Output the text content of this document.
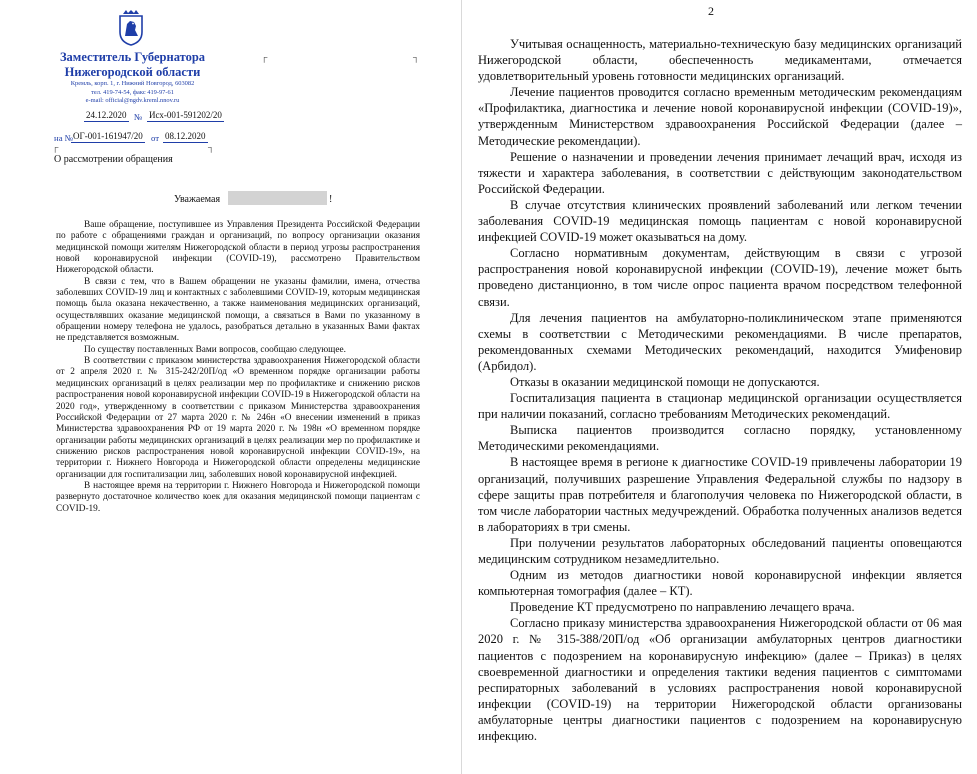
Заместитель Губернатора
Нижегородской области
Кремль, корп. 1, г. Нижний Новгород, 603082
тел. 419-74-54, факс 419-97-61
e-mail: official@ngdv.kreml.nnov.ru
24.12.2020 № Исх-001-591202/20
на № ОГ-001-161947/20 от 08.12.2020
┌	┐
┌	┐
О рассмотрении обращения
Уважаемая	!

Ваше обращение, поступившее из Управления Президента Российской Федерации по работе с обращениями граждан и организаций, по вопросу организации оказания медицинской помощи жителям Нижегородской области в период угрозы распространения новой коронавирусной инфекции (COVID-19), рассмотрено Правительством Нижегородской области.

В связи с тем, что в Вашем обращении не указаны фамилии, имена, отчества заболевших COVID-19 лиц и контактных с заболевшими COVID-19, которым медицинская помощь была оказана некачественно, а также наименования медицинских организаций, осуществлявших оказание медицинской помощи, а связаться в Вами по указанному в обращении номеру телефона не удалось, разобраться детально в указанных Вами фактах не представляется возможным.

По существу поставленных Вами вопросов, сообщаю следующее.

В соответствии с приказом министерства здравоохранения Нижегородской области от 2 апреля 2020 г. № 315-242/20П/од «О временном порядке организации работы медицинских организаций в целях реализации мер по профилактике и снижению рисков распространения новой коронавирусной инфекции COVID-19 в Нижегородской области на 2020 год», утвержденному в соответствии с приказом Министерства здравоохранения Российской Федерации от 27 марта 2020 г. № 246н «О внесении изменений в приказ Министерства здравоохранения РФ от 19 марта 2020 г. № 198н «О временном порядке организации работы медицинских организаций в целях реализации мер по профилактике и снижению рисков распространения новой коронавирусной инфекции COVID-19», на территории г. Нижнего Новгорода и Нижегородской области определены медицинские организации для госпитализации лиц, заболевших новой коронавирусной инфекцией.

В настоящее время на территории г. Нижнего Новгорода и Нижегородской помощи развернуто достаточное количество коек для оказания медицинской помощи пациентам с COVID-19.

2

Учитывая оснащенность, материально-техническую базу медицинских организаций Нижегородской области, обеспеченность медикаментами, отмечается удовлетворительный уровень готовности медицинских организаций.

Лечение пациентов проводится согласно временным методическим рекомендациям «Профилактика, диагностика и лечение новой коронавирусной инфекции (COVID-19)», утвержденным Министерством здравоохранения Российской Федерации (далее – Методические рекомендации).

Решение о назначении и проведении лечения принимает лечащий врач, исходя из тяжести и характера заболевания, в соответствии с действующим законодательством Российской Федерации.

В случае отсутствия клинических проявлений заболеваний или легком течении заболевания COVID-19 медицинская помощь пациентам с новой коронавирусной инфекцией COVID-19 может оказываться на дому.

Согласно нормативным документам, действующим в связи с угрозой распространения новой коронавирусной инфекции (COVID-19), лечение может быть проведено дистанционно, в том числе опрос пациента врачом посредством телефонной связи.

Для лечения пациентов на амбулаторно-поликлиническом этапе применяются схемы в соответствии с Методическими рекомендациями. В числе препаратов, рекомендованных схемами Методических рекомендаций, находится Умифеновир (Арбидол).

Отказы в оказании медицинской помощи не допускаются.

Госпитализация пациента в стационар медицинской организации осуществляется при наличии показаний, согласно требованиям Методических рекомендаций.

Выписка пациентов производится согласно порядку, установленному Методическими рекомендациями.

В настоящее время в регионе к диагностике COVID-19 привлечены лаборатории 19 организаций, получивших разрешение Управления Федеральной службы по надзору в сфере защиты прав потребителя и благополучия человека по Нижегородской области, в том числе лаборатории частных медучреждений. Обработка полученных анализов ведется в лабораториях в три смены.

При получении результатов лабораторных обследований пациенты оповещаются медицинским сотрудником незамедлительно.

Одним из методов диагностики новой коронавирусной инфекции является компьютерная томография (далее – КТ).

Проведение КТ предусмотрено по направлению лечащего врача.

Согласно приказу министерства здравоохранения Нижегородской области от 06 мая 2020 г. № 315-388/20П/од «Об организации амбулаторных центров диагностики пациентов с подозрением на коронавирусную инфекцию» (далее – Приказ) в целях своевременной диагностики и определения тактики ведения пациентов с симптомами респираторных заболеваний в условиях распространения новой коронавирусной инфекции (COVID-19) на территории Нижегородской области организованы амбулаторные центры диагностики пациентов с подозрением на коронавирусную инфекцию.
